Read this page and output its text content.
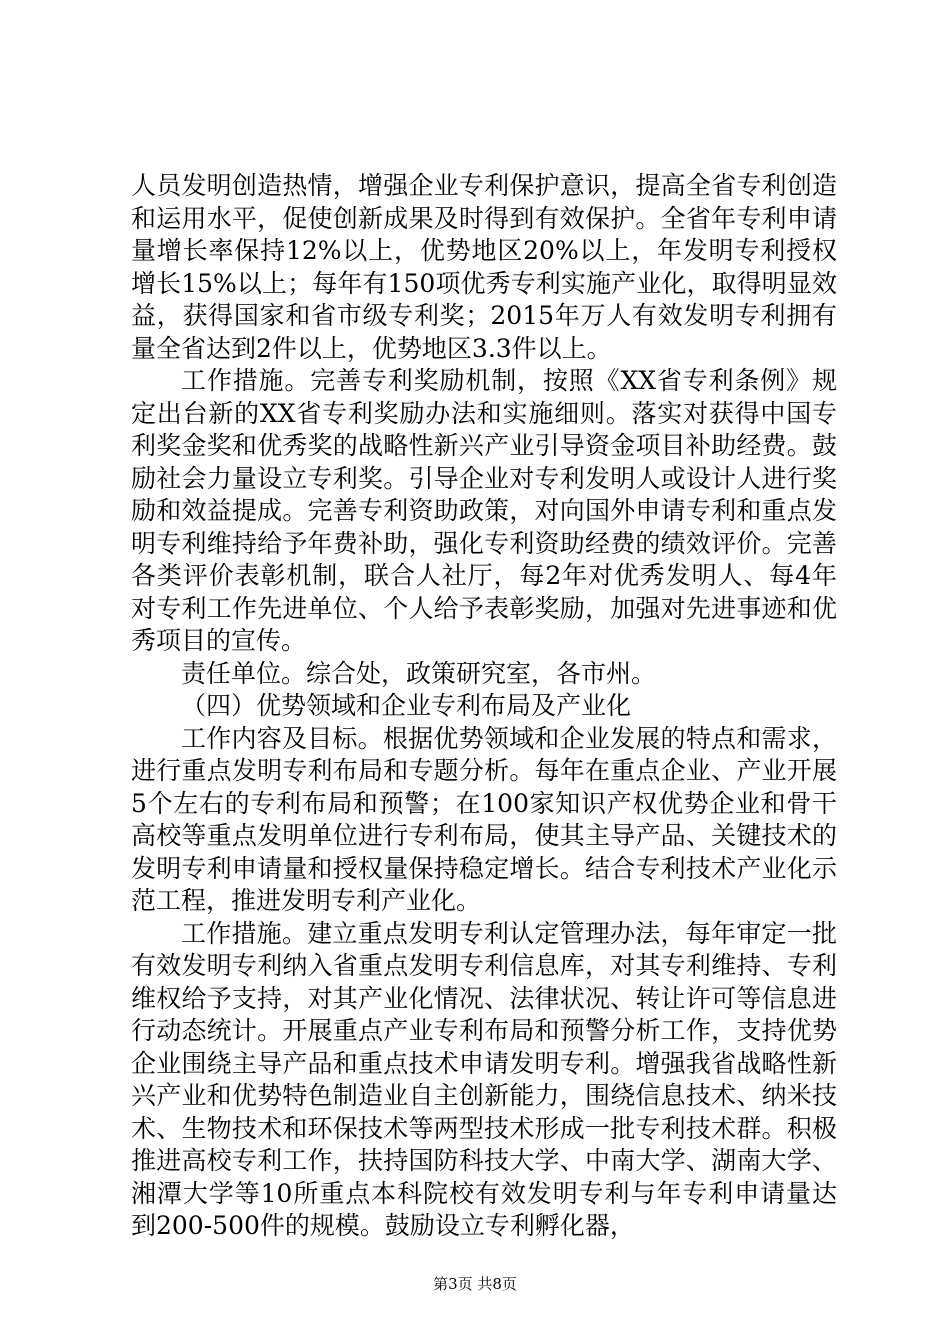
人员发明创造热情，增强企业专利保护意识，提高全省专利创造和运用水平，促使创新成果及时得到有效保护。全省年专利申请量增长率保持12%以上，优势地区20%以上，年发明专利授权增长15%以上；每年有150项优秀专利实施产业化，取得明显效益，获得国家和省市级专利奖；2015年万人有效发明专利拥有量全省达到2件以上，优势地区3.3件以上。

工作措施。完善专利奖励机制，按照《XX省专利条例》规定出台新的XX省专利奖励办法和实施细则。落实对获得中国专利奖金奖和优秀奖的战略性新兴产业引导资金项目补助经费。鼓励社会力量设立专利奖。引导企业对专利发明人或设计人进行奖励和效益提成。完善专利资助政策，对向国外申请专利和重点发明专利维持给予年费补助，强化专利资助经费的绩效评价。完善各类评价表彰机制，联合人社厅，每2年对优秀发明人、每4年对专利工作先进单位、个人给予表彰奖励，加强对先进事迹和优秀项目的宣传。

责任单位。综合处，政策研究室，各市州。

（四）优势领域和企业专利布局及产业化

工作内容及目标。根据优势领域和企业发展的特点和需求，进行重点发明专利布局和专题分析。每年在重点企业、产业开展5个左右的专利布局和预警；在100家知识产权优势企业和骨干高校等重点发明单位进行专利布局，使其主导产品、关键技术的发明专利申请量和授权量保持稳定增长。结合专利技术产业化示范工程，推进发明专利产业化。

工作措施。建立重点发明专利认定管理办法，每年审定一批有效发明专利纳入省重点发明专利信息库，对其专利维持、专利维权给予支持，对其产业化情况、法律状况、转让许可等信息进行动态统计。开展重点产业专利布局和预警分析工作，支持优势企业围绕主导产品和重点技术申请发明专利。增强我省战略性新兴产业和优势特色制造业自主创新能力，围绕信息技术、纳米技术、生物技术和环保技术等两型技术形成一批专利技术群。积极推进高校专利工作，扶持国防科技大学、中南大学、湖南大学、湘潭大学等10所重点本科院校有效发明专利与年专利申请量达到200-500件的规模。鼓励设立专利孵化器，

第3页 共8页
